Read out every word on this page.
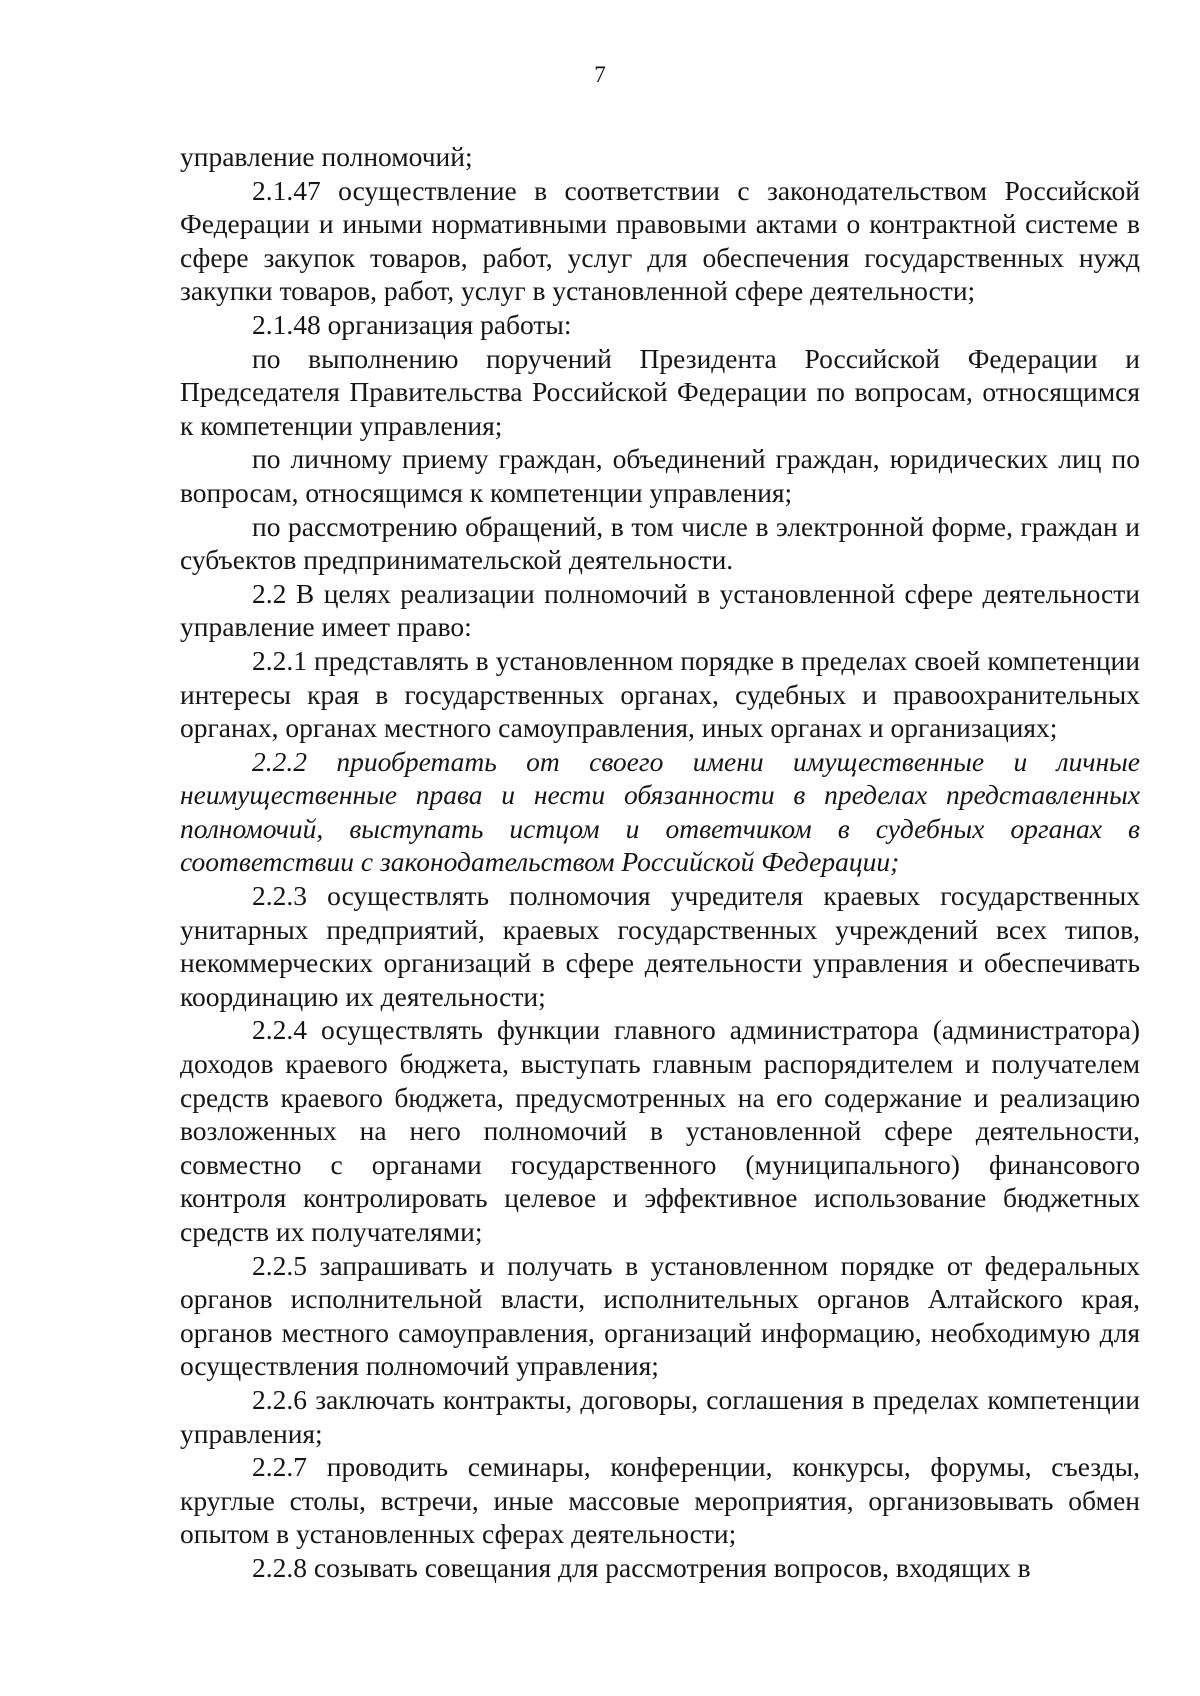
7

управление полномочий;

2.1.47 осуществление в соответствии с законодательством Российской Федерации и иными нормативными правовыми актами о контрактной системе в сфере закупок товаров, работ, услуг для обеспечения государственных нужд закупки товаров, работ, услуг в установленной сфере деятельности;

2.1.48 организация работы:

по выполнению поручений Президента Российской Федерации и Председателя Правительства Российской Федерации по вопросам, относящимся к компетенции управления;

по личному приему граждан, объединений граждан, юридических лиц по вопросам, относящимся к компетенции управления;

по рассмотрению обращений, в том числе в электронной форме, граждан и субъектов предпринимательской деятельности.

2.2 В целях реализации полномочий в установленной сфере деятельности управление имеет право:

2.2.1 представлять в установленном порядке в пределах своей компетенции интересы края в государственных органах, судебных и правоохранительных органах, органах местного самоуправления, иных органах и организациях;

2.2.2 приобретать от своего имени имущественные и личные неимущественные права и нести обязанности в пределах представленных полномочий, выступать истцом и ответчиком в судебных органах в соответствии с законодательством Российской Федерации;

2.2.3 осуществлять полномочия учредителя краевых государственных унитарных предприятий, краевых государственных учреждений всех типов, некоммерческих организаций в сфере деятельности управления и обеспечивать координацию их деятельности;

2.2.4 осуществлять функции главного администратора (администратора) доходов краевого бюджета, выступать главным распорядителем и получателем средств краевого бюджета, предусмотренных на его содержание и реализацию возложенных на него полномочий в установленной сфере деятельности, совместно с органами государственного (муниципального) финансового контроля контролировать целевое и эффективное использование бюджетных средств их получателями;

2.2.5 запрашивать и получать в установленном порядке от федеральных органов исполнительной власти, исполнительных органов Алтайского края, органов местного самоуправления, организаций информацию, необходимую для осуществления полномочий управления;

2.2.6 заключать контракты, договоры, соглашения в пределах компетенции управления;

2.2.7 проводить семинары, конференции, конкурсы, форумы, съезды, круглые столы, встречи, иные массовые мероприятия, организовывать обмен опытом в установленных сферах деятельности;

2.2.8 созывать совещания для рассмотрения вопросов, входящих в
